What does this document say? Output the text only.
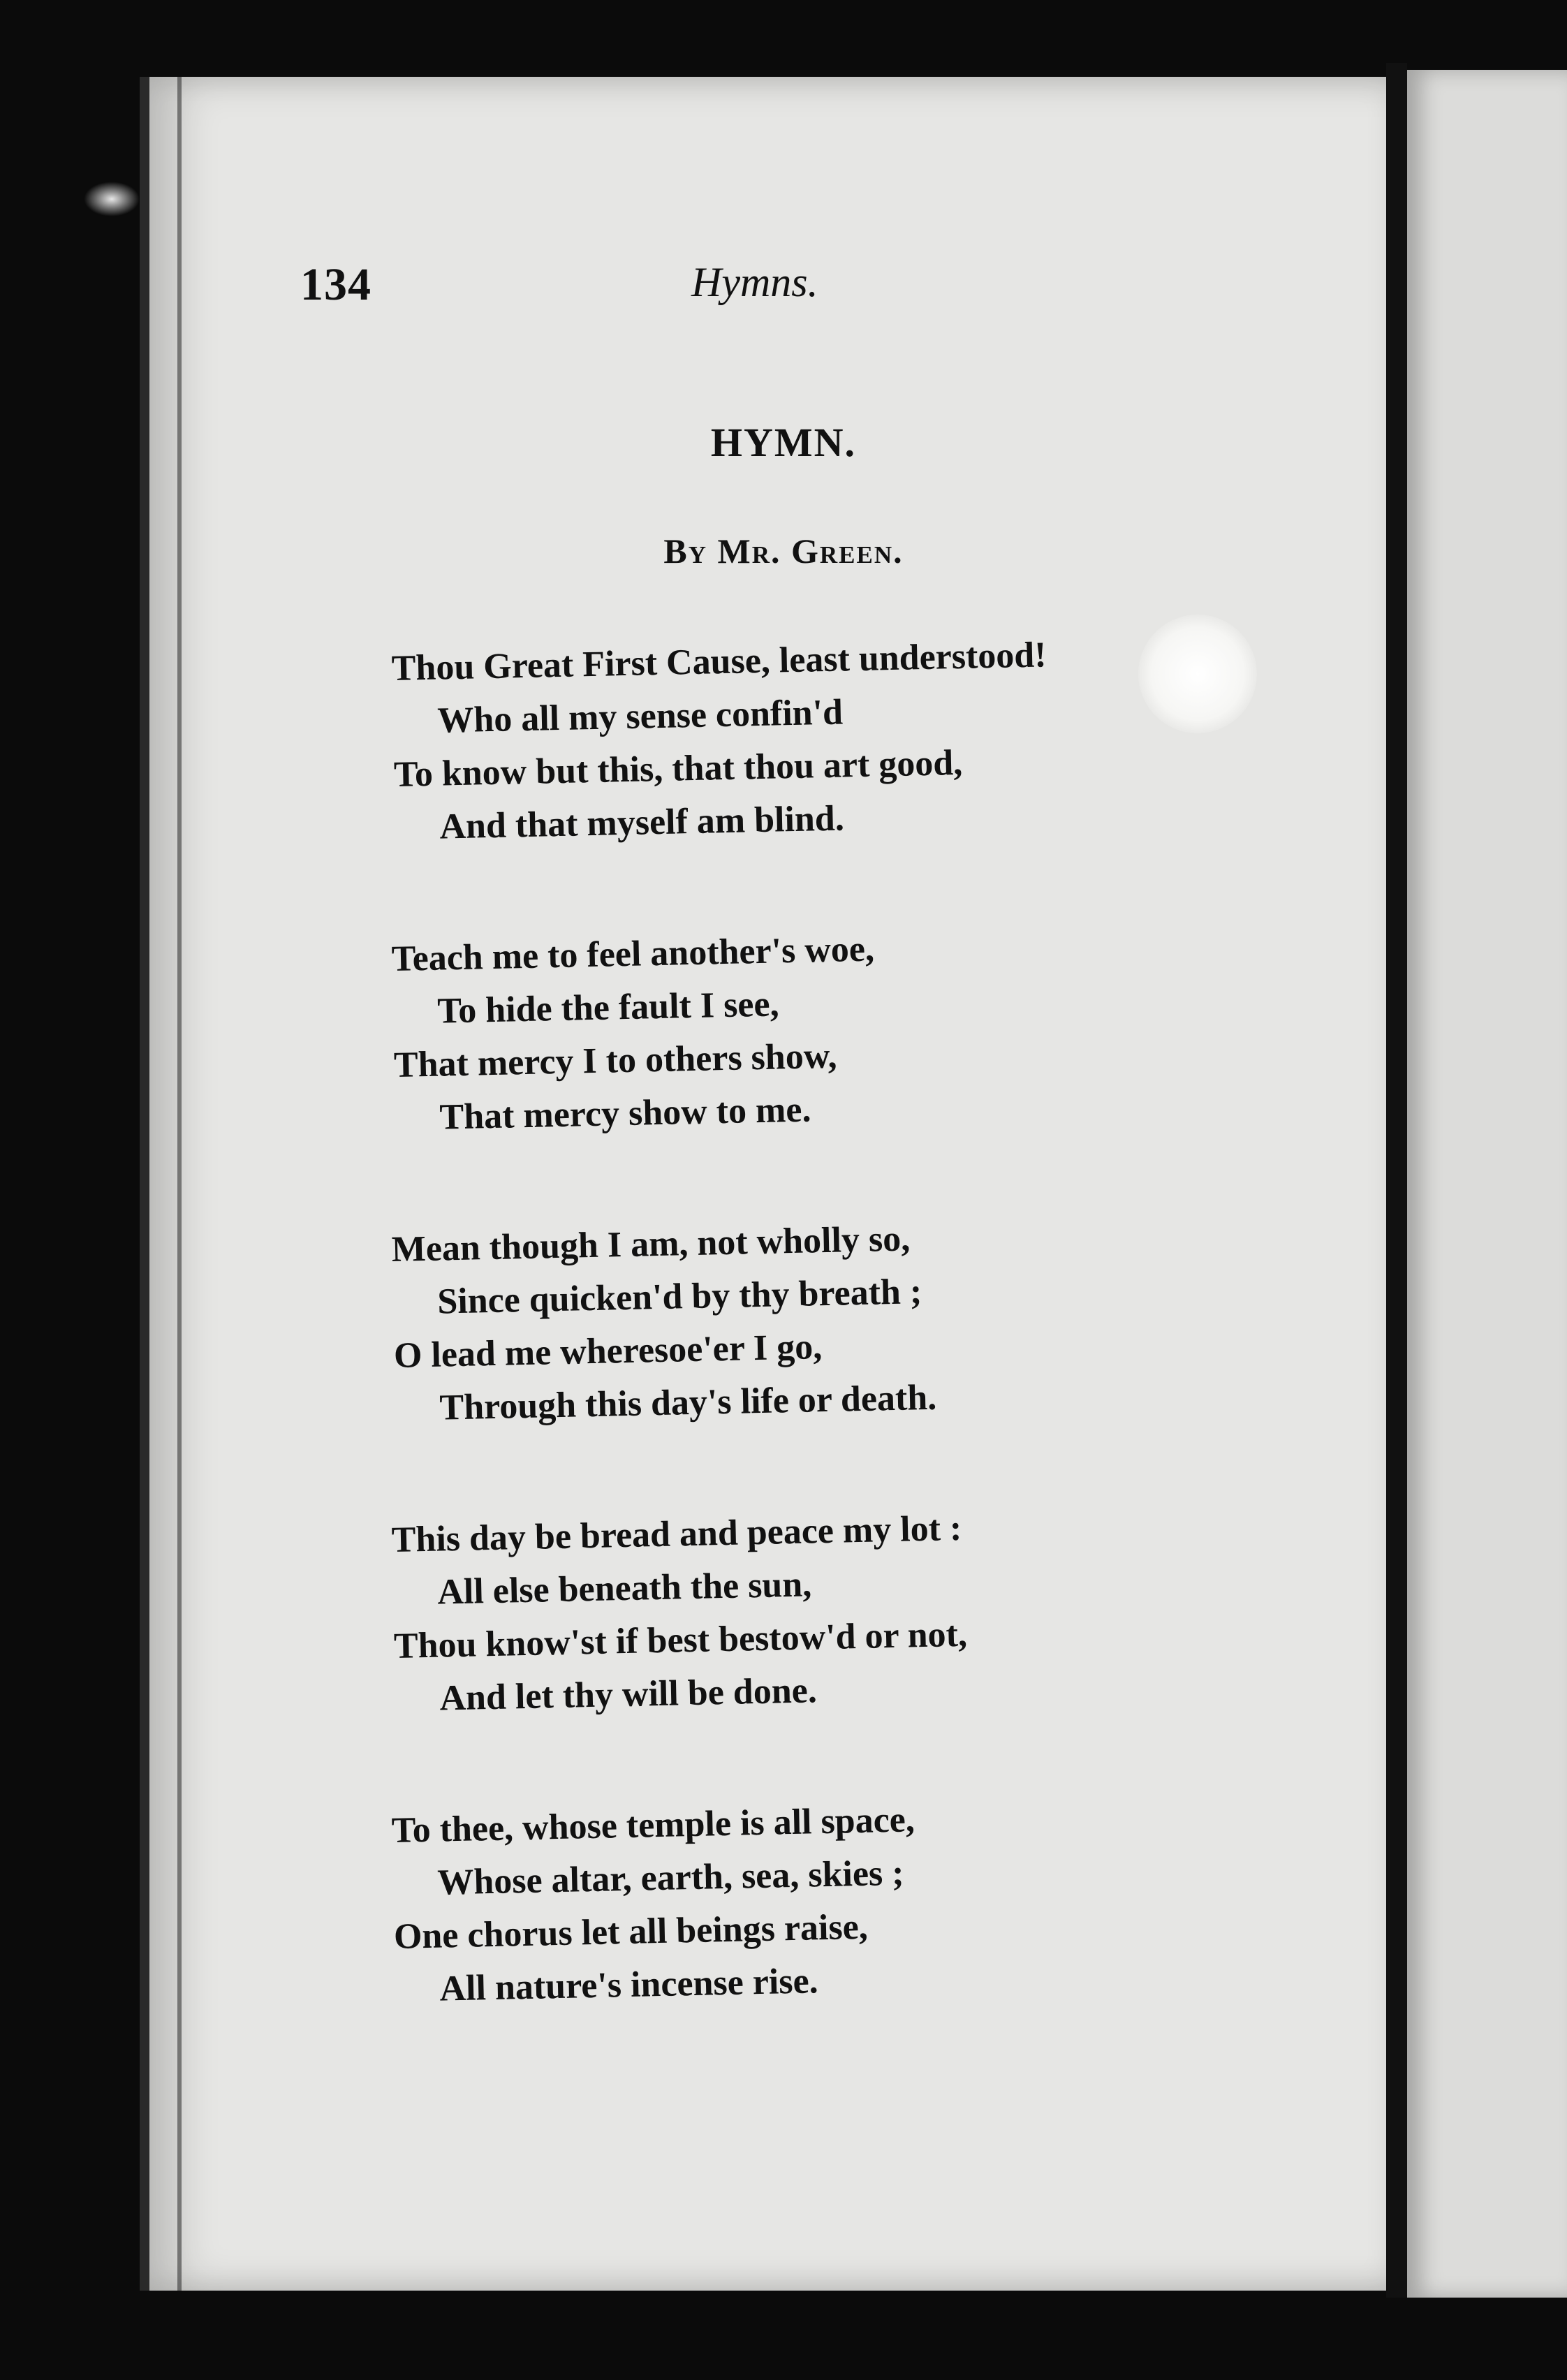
134	Hymns.
HYMN.
By Mr. Green.
Thou Great First Cause, least understood!
Who all my sense confin'd
To know but this, that thou art good,
And that myself am blind.
Teach me to feel another's woe,
To hide the fault I see,
That mercy I to others show,
That mercy show to me.
Mean though I am, not wholly so,
Since quicken'd by thy breath ;
O lead me wheresoe'er I go,
Through this day's life or death.
This day be bread and peace my lot :
All else beneath the sun,
Thou know'st if best bestow'd or not,
And let thy will be done.
To thee, whose temple is all space,
Whose altar, earth, sea, skies ;
One chorus let all beings raise,
All nature's incense rise.
